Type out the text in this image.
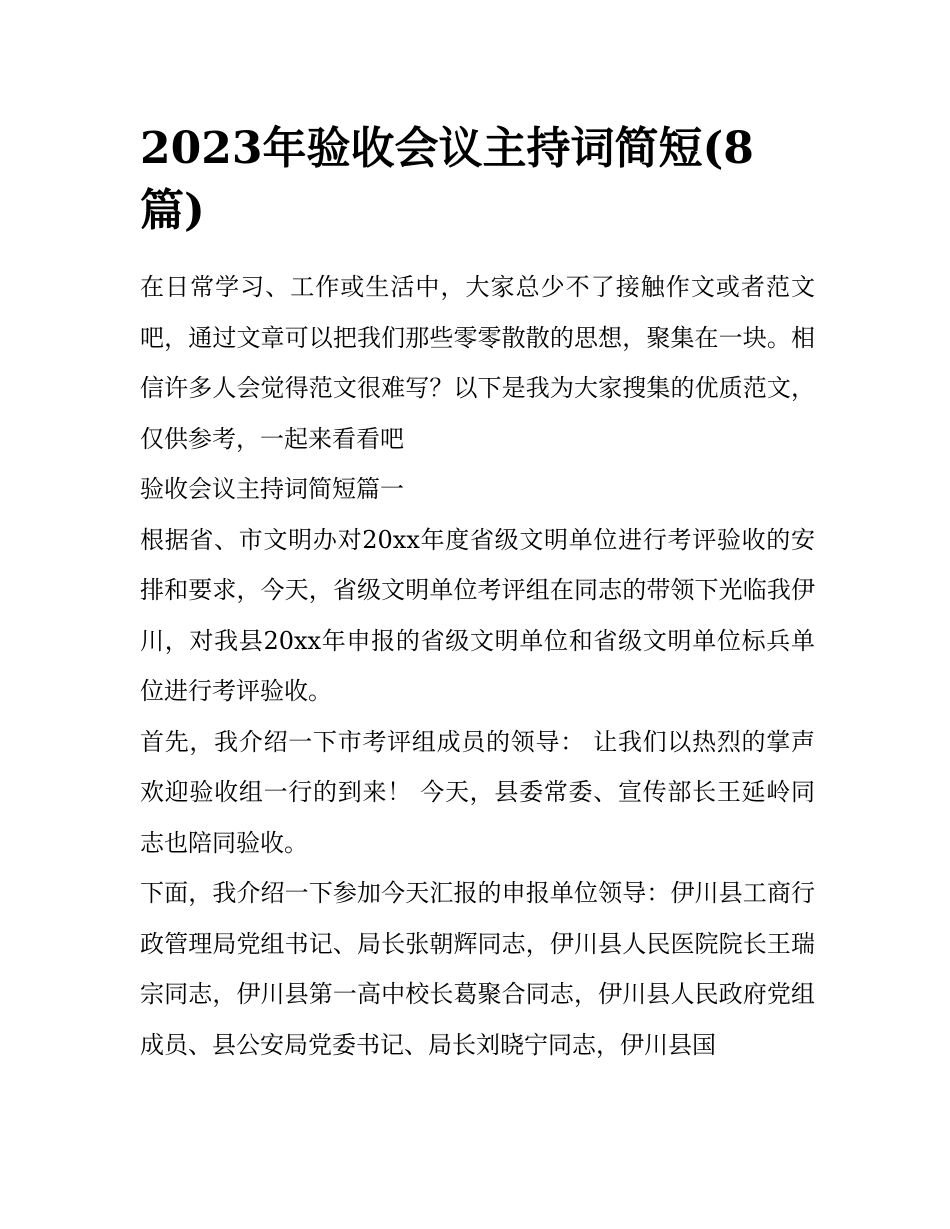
2023年验收会议主持词简短(8篇)

在日常学习、工作或生活中，大家总少不了接触作文或者范文吧，通过文章可以把我们那些零零散散的思想，聚集在一块。相信许多人会觉得范文很难写？以下是我为大家搜集的优质范文，仅供参考，一起来看看吧

验收会议主持词简短篇一

根据省、市文明办对20xx年度省级文明单位进行考评验收的安排和要求，今天，省级文明单位考评组在同志的带领下光临我伊川，对我县20xx年申报的省级文明单位和省级文明单位标兵单位进行考评验收。

首先，我介绍一下市考评组成员的领导： 让我们以热烈的掌声欢迎验收组一行的到来！ 今天，县委常委、宣传部长王延岭同志也陪同验收。

下面，我介绍一下参加今天汇报的申报单位领导：伊川县工商行政管理局党组书记、局长张朝辉同志，伊川县人民医院院长王瑞宗同志，伊川县第一高中校长葛聚合同志，伊川县人民政府党组成员、县公安局党委书记、局长刘晓宁同志，伊川县国
